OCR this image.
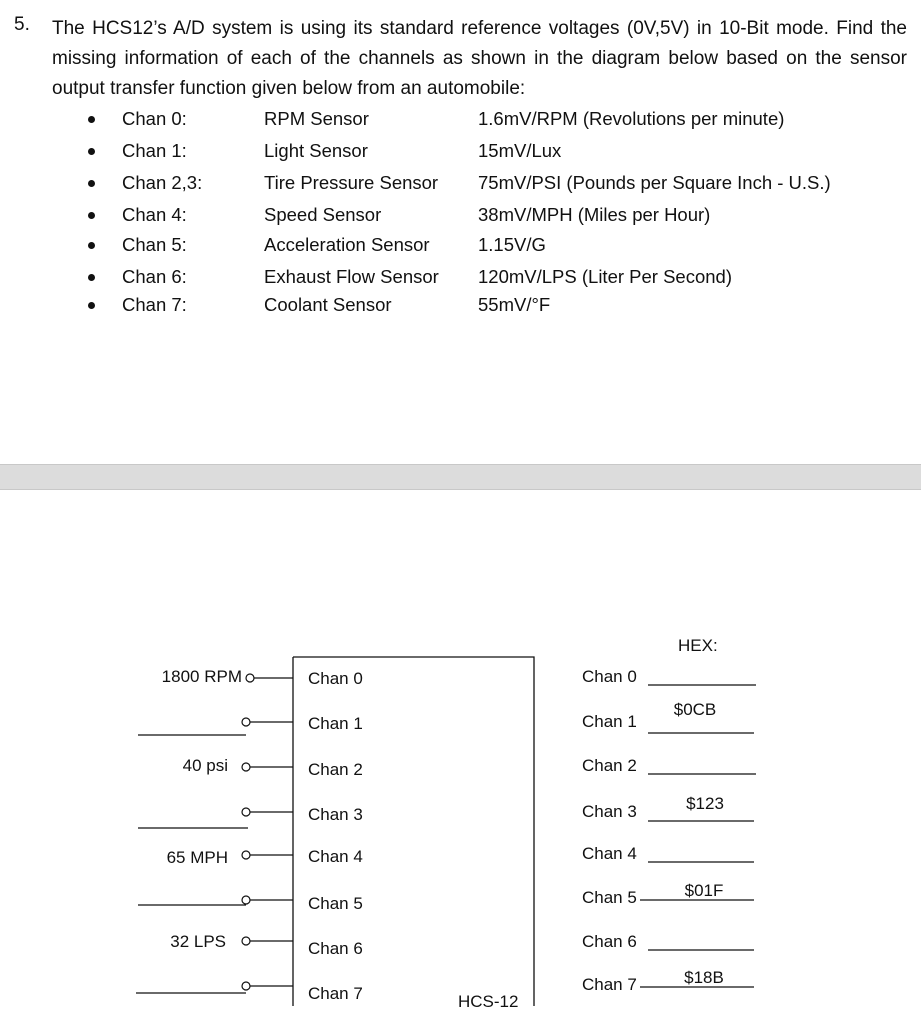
5. The HCS12’s A/D system is using its standard reference voltages (0V,5V) in 10-Bit mode. Find the missing information of each of the channels as shown in the diagram below based on the sensor output transfer function given below from an automobile:
Chan 0:	RPM Sensor	1.6mV/RPM (Revolutions per minute)
Chan 1:	Light Sensor	15mV/Lux
Chan 2,3:	Tire Pressure Sensor 75mV/PSI (Pounds per Square Inch - U.S.)
Chan 4:	Speed Sensor	38mV/MPH (Miles per Hour)
Chan 5:	Acceleration Sensor	1.15V/G
Chan 6:	Exhaust Flow Sensor 120mV/LPS (Liter Per Second)
Chan 7:	Coolant Sensor	55mV/°F
1800 RPM
40 psi
65 MPH
32 LPS
Chan 0
Chan 1
Chan 2
Chan 3
Chan 4
Chan 5
Chan 6
Chan 7	HCS-12
Chan 0
Chan 1
Chan 2
Chan 3
Chan 4
Chan 5
Chan 6
Chan 7
HEX:
$0CB
$123
$01F
$18B
